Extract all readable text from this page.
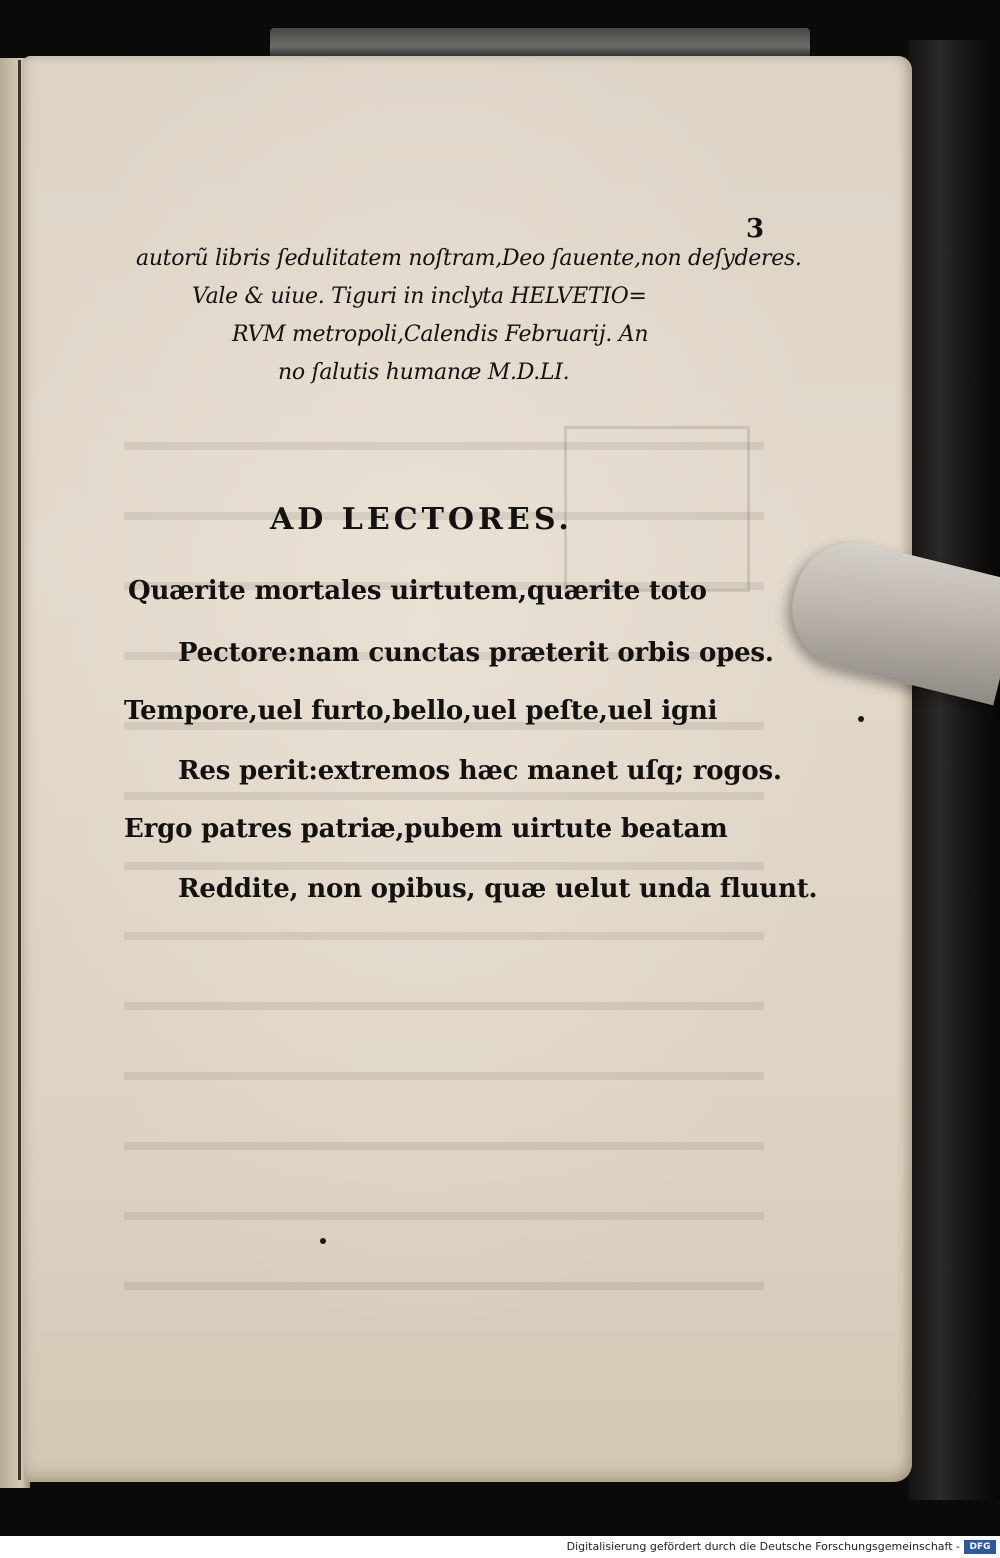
3
autorũ libris ſedulitatem noſtram,Deo ſauente,non deſyderes.
Vale & uiue. Tiguri in inclyta HELVETIO=
RVM metropoli,Calendis Februarij. An
no ſalutis humanæ M.D.LI.
AD LECTORES.
Quærite mortales uirtutem,quærite toto
Pectore:nam cunctas præterit orbis opes.
Tempore,uel furto,bello,uel peſte,uel igni
Res perit:extremos hæc manet uſq; rogos.
Ergo patres patriæ,pubem uirtute beatam
Reddite, non opibus, quæ uelut unda fluunt.
Digitalisierung gefördert durch die Deutsche Forschungsgemeinschaft -	DFG
